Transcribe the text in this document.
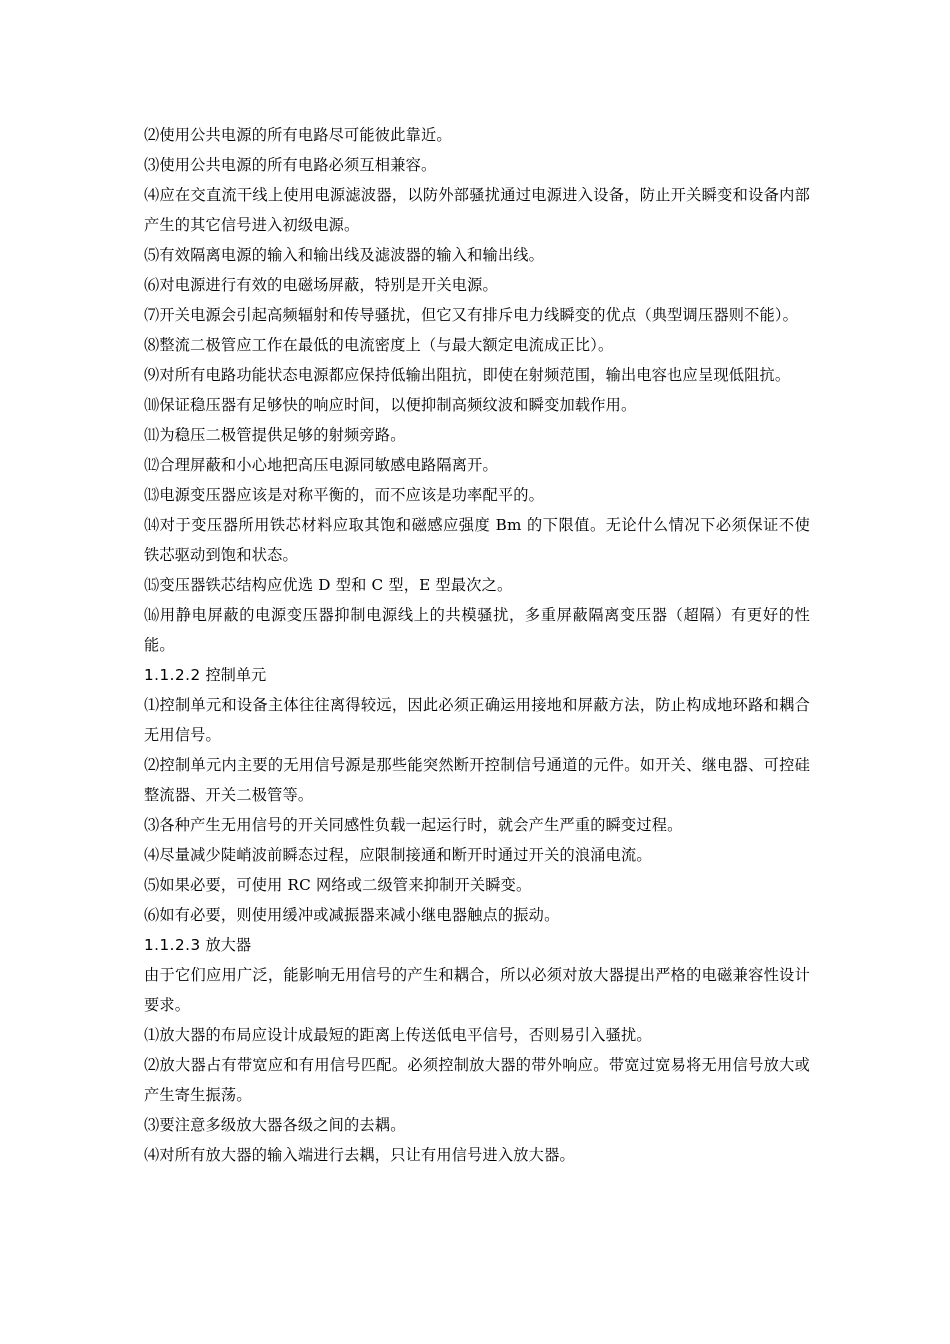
⑵使用公共电源的所有电路尽可能彼此靠近。

⑶使用公共电源的所有电路必须互相兼容。

⑷应在交直流干线上使用电源滤波器，以防外部骚扰通过电源进入设备，防止开关瞬变和设备内部产生的其它信号进入初级电源。

⑸有效隔离电源的输入和输出线及滤波器的输入和输出线。

⑹对电源进行有效的电磁场屏蔽，特别是开关电源。

⑺开关电源会引起高频辐射和传导骚扰，但它又有排斥电力线瞬变的优点（典型调压器则不能）。

⑻整流二极管应工作在最低的电流密度上（与最大额定电流成正比）。

⑼对所有电路功能状态电源都应保持低输出阻抗，即使在射频范围，输出电容也应呈现低阻抗。

⑽保证稳压器有足够快的响应时间，以便抑制高频纹波和瞬变加载作用。

⑾为稳压二极管提供足够的射频旁路。

⑿合理屏蔽和小心地把高压电源同敏感电路隔离开。

⒀电源变压器应该是对称平衡的，而不应该是功率配平的。

⒁对于变压器所用铁芯材料应取其饱和磁感应强度 Bm 的下限值。无论什么情况下必须保证不使铁芯驱动到饱和状态。

⒂变压器铁芯结构应优选 D 型和 C 型，E 型最次之。

⒃用静电屏蔽的电源变压器抑制电源线上的共模骚扰，多重屏蔽隔离变压器（超隔）有更好的性能。

1.1.2.2 控制单元

⑴控制单元和设备主体往往离得较远，因此必须正确运用接地和屏蔽方法，防止构成地环路和耦合无用信号。

⑵控制单元内主要的无用信号源是那些能突然断开控制信号通道的元件。如开关、继电器、可控硅整流器、开关二极管等。

⑶各种产生无用信号的开关同感性负载一起运行时，就会产生严重的瞬变过程。

⑷尽量减少陡峭波前瞬态过程，应限制接通和断开时通过开关的浪涌电流。

⑸如果必要，可使用 RC 网络或二级管来抑制开关瞬变。

⑹如有必要，则使用缓冲或减振器来减小继电器触点的振动。

1.1.2.3 放大器

由于它们应用广泛，能影响无用信号的产生和耦合，所以必须对放大器提出严格的电磁兼容性设计要求。

⑴放大器的布局应设计成最短的距离上传送低电平信号，否则易引入骚扰。

⑵放大器占有带宽应和有用信号匹配。必须控制放大器的带外响应。带宽过宽易将无用信号放大或产生寄生振荡。

⑶要注意多级放大器各级之间的去耦。

⑷对所有放大器的输入端进行去耦，只让有用信号进入放大器。
